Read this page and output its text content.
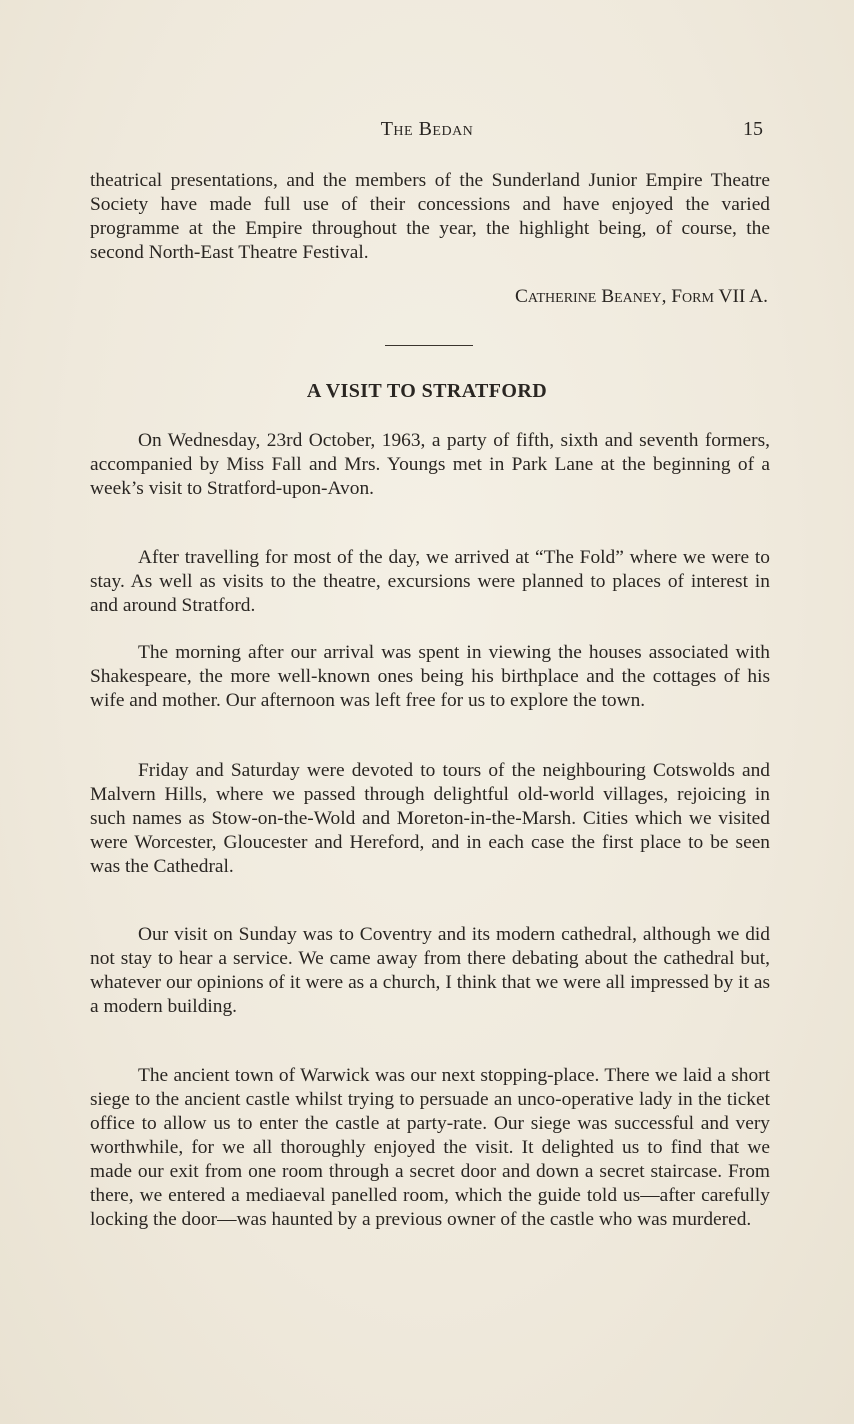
The Bedan	15

theatrical presentations, and the members of the Sunderland Junior Empire Theatre Society have made full use of their concessions and have enjoyed the varied programme at the Empire throughout the year, the highlight being, of course, the second North-East Theatre Festival.

Catherine Beaney, Form VII A.
A VISIT TO STRATFORD

On Wednesday, 23rd October, 1963, a party of fifth, sixth and seventh formers, accompanied by Miss Fall and Mrs. Youngs met in Park Lane at the beginning of a week’s visit to Stratford-upon-Avon.

After travelling for most of the day, we arrived at “The Fold” where we were to stay. As well as visits to the theatre, excursions were planned to places of interest in and around Stratford.

The morning after our arrival was spent in viewing the houses associated with Shakespeare, the more well-known ones being his birthplace and the cottages of his wife and mother. Our afternoon was left free for us to explore the town.

Friday and Saturday were devoted to tours of the neighbouring Cotswolds and Malvern Hills, where we passed through delightful old-world villages, rejoicing in such names as Stow-on-the-Wold and Moreton-in-the-Marsh. Cities which we visited were Worcester, Gloucester and Hereford, and in each case the first place to be seen was the Cathedral.

Our visit on Sunday was to Coventry and its modern cathedral, although we did not stay to hear a service. We came away from there debating about the cathedral but, whatever our opinions of it were as a church, I think that we were all impressed by it as a modern building.

The ancient town of Warwick was our next stopping-place. There we laid a short siege to the ancient castle whilst trying to persuade an unco-operative lady in the ticket office to allow us to enter the castle at party-rate. Our siege was successful and very worthwhile, for we all thoroughly enjoyed the visit. It delighted us to find that we made our exit from one room through a secret door and down a secret staircase. From there, we entered a mediaeval panelled room, which the guide told us—after carefully locking the door—was haunted by a previous owner of the castle who was murdered.
